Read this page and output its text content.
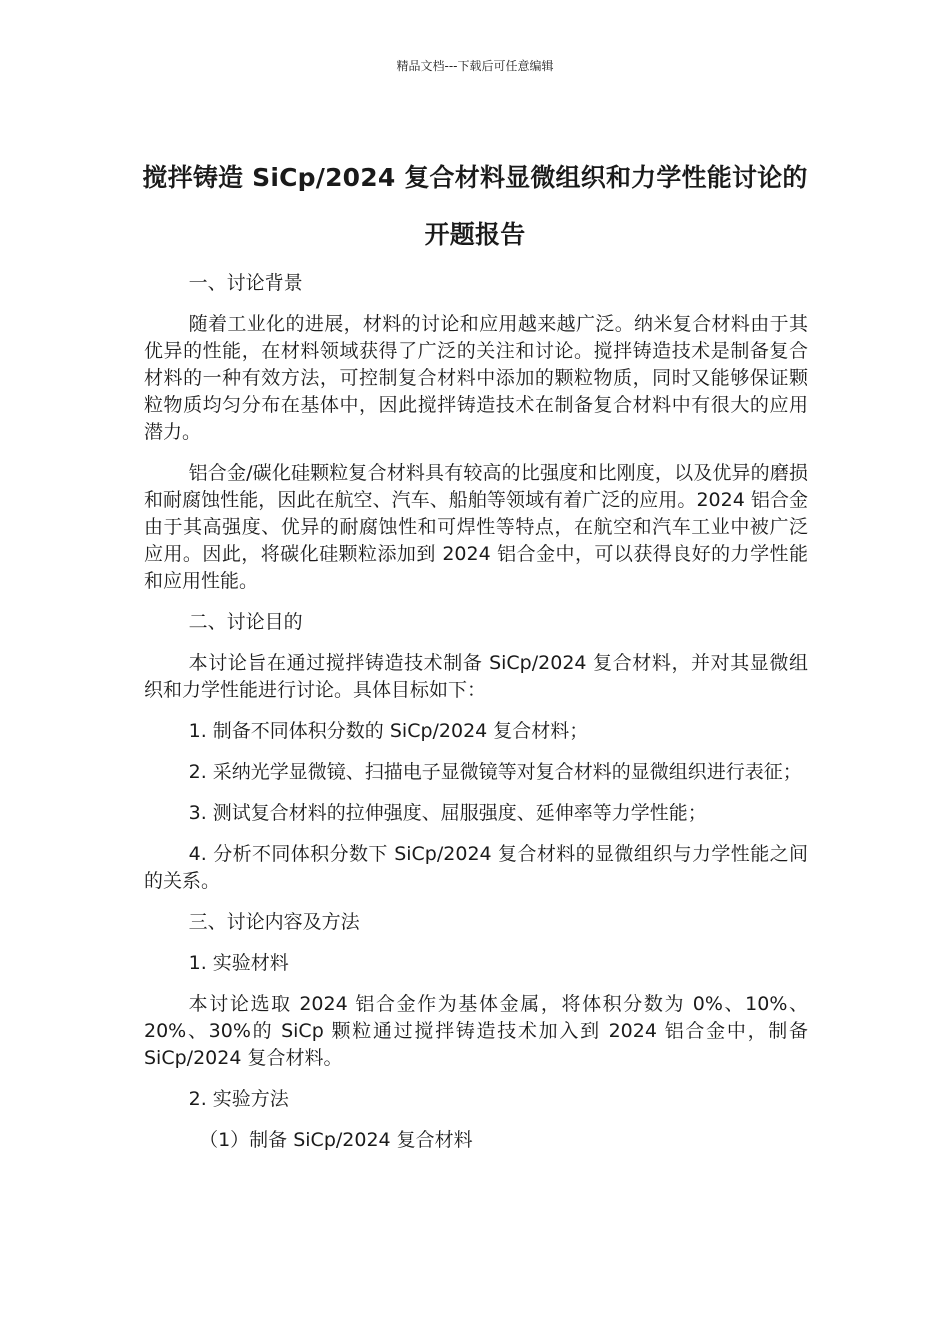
精品文档---下载后可任意编辑
搅拌铸造 SiCp/2024 复合材料显微组织和力学性能讨论的开题报告

一、讨论背景

随着工业化的进展，材料的讨论和应用越来越广泛。纳米复合材料由于其优异的性能，在材料领域获得了广泛的关注和讨论。搅拌铸造技术是制备复合材料的一种有效方法，可控制复合材料中添加的颗粒物质，同时又能够保证颗粒物质均匀分布在基体中，因此搅拌铸造技术在制备复合材料中有很大的应用潜力。

铝合金/碳化硅颗粒复合材料具有较高的比强度和比刚度，以及优异的磨损和耐腐蚀性能，因此在航空、汽车、船舶等领域有着广泛的应用。2024 铝合金由于其高强度、优异的耐腐蚀性和可焊性等特点，在航空和汽车工业中被广泛应用。因此，将碳化硅颗粒添加到 2024 铝合金中，可以获得良好的力学性能和应用性能。

二、讨论目的

本讨论旨在通过搅拌铸造技术制备 SiCp/2024 复合材料，并对其显微组织和力学性能进行讨论。具体目标如下：

1. 制备不同体积分数的 SiCp/2024 复合材料；

2. 采纳光学显微镜、扫描电子显微镜等对复合材料的显微组织进行表征；

3. 测试复合材料的拉伸强度、屈服强度、延伸率等力学性能；

4. 分析不同体积分数下 SiCp/2024 复合材料的显微组织与力学性能之间的关系。

三、讨论内容及方法

1. 实验材料

本讨论选取 2024 铝合金作为基体金属，将体积分数为 0%、10%、20%、30%的 SiCp 颗粒通过搅拌铸造技术加入到 2024 铝合金中，制备 SiCp/2024 复合材料。

2. 实验方法

（1）制备 SiCp/2024 复合材料
